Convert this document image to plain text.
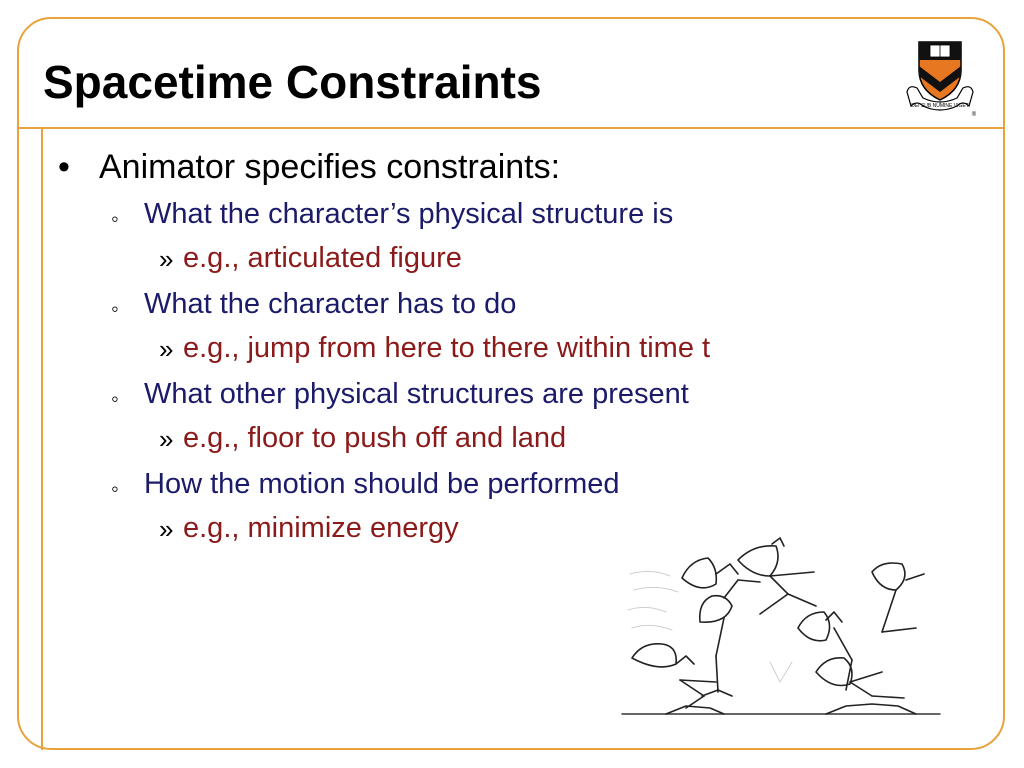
Spacetime Constraints	DEI SUB NUMINE VIGET
®
• Animator specifies constraints:
◦ What the character’s physical structure is
» e.g., articulated figure
◦ What the character has to do
» e.g., jump from here to there within time t
◦ What other physical structures are present
» e.g., floor to push off and land
◦ How the motion should be performed
» e.g., minimize energy
